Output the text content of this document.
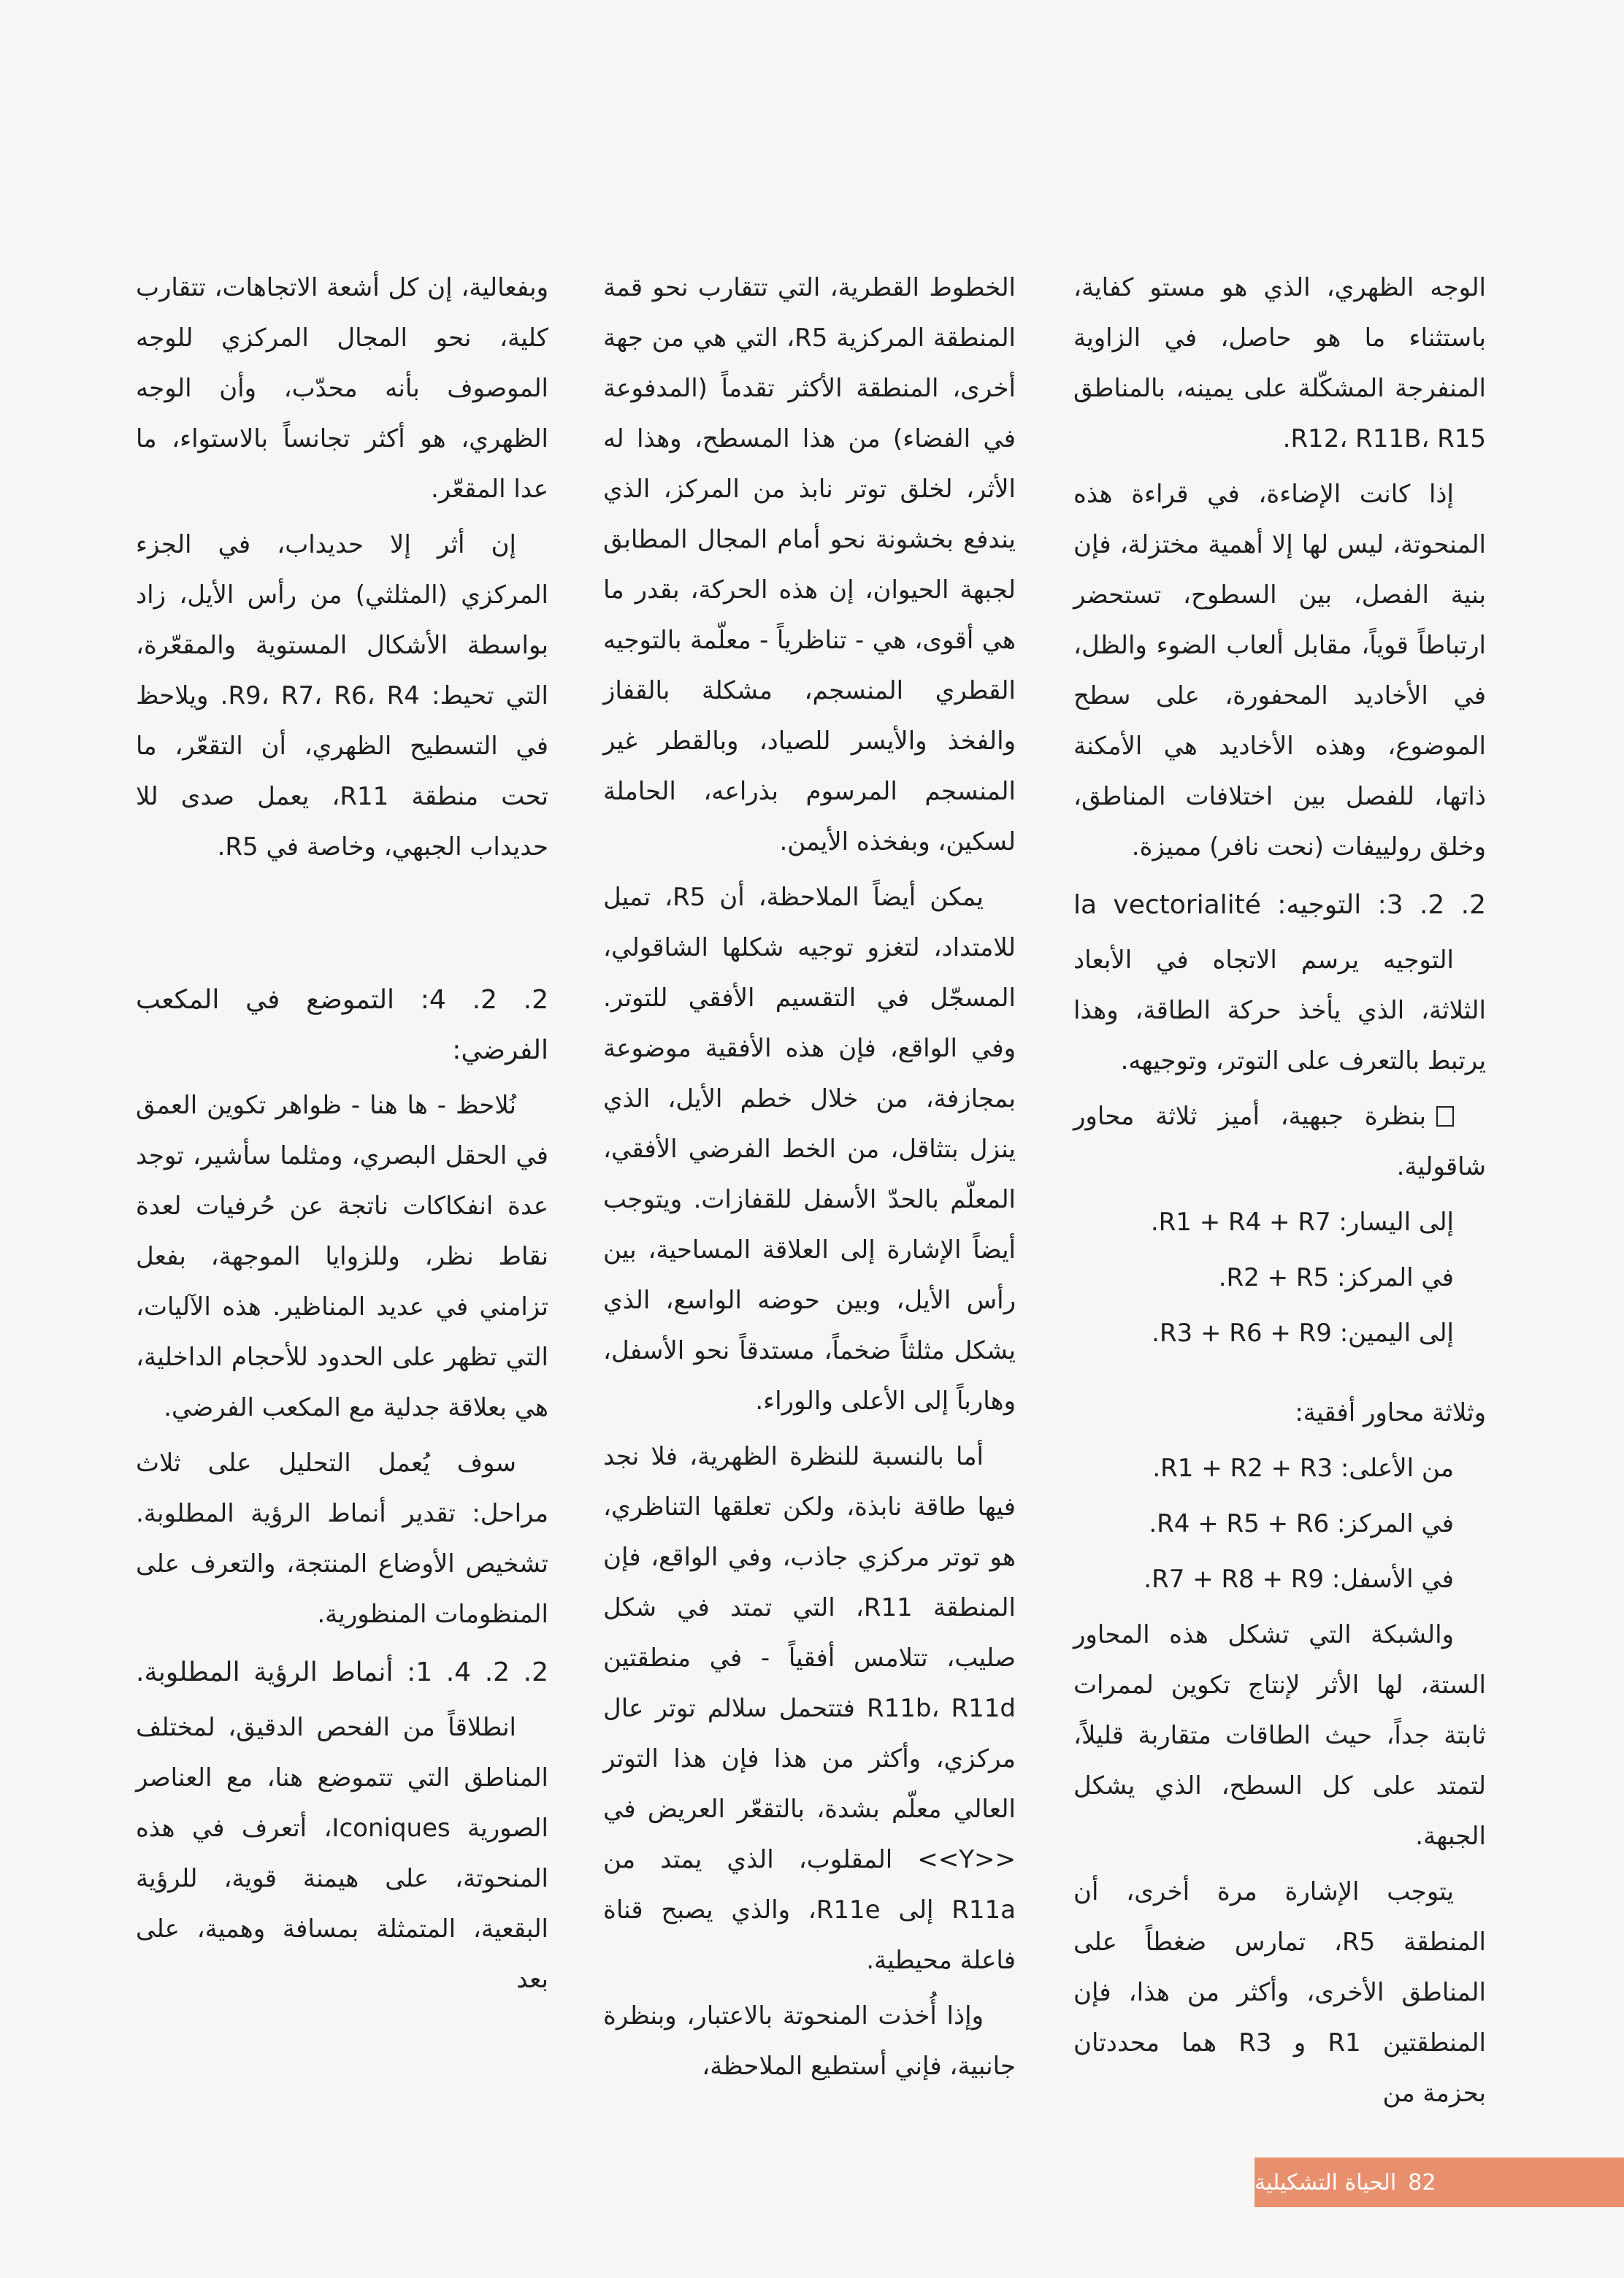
الوجه الظهري، الذي هو مستو كفاية، باستثناء ما هو حاصل، في الزاوية المنفرجة المشكّلة على يمينه، بالمناطق R12، R11B، R15.

إذا كانت الإضاءة، في قراءة هذه المنحوتة، ليس لها إلا أهمية مختزلة، فإن بنية الفصل، بين السطوح، تستحضر ارتباطاً قوياً، مقابل ألعاب الضوء والظل، في الأخاديد المحفورة، على سطح الموضوع، وهذه الأخاديد هي الأمكنة ذاتها، للفصل بين اختلافات المناطق، وخلق رولييفات (نحت نافر) مميزة.

2. 2. 3: التوجيه: la vectorialité

التوجيه يرسم الاتجاه في الأبعاد الثلاثة، الذي يأخذ حركة الطاقة، وهذا يرتبط بالتعرف على التوتر، وتوجيهه.

بنظرة جبهية، أميز ثلاثة محاور شاقولية.

إلى اليسار: R1 + R4 + R7.

في المركز: R2 + R5.

إلى اليمين: R3 + R6 + R9.

وثلاثة محاور أفقية:

من الأعلى: R1 + R2 + R3.

في المركز: R4 + R5 + R6.

في الأسفل: R7 + R8 + R9.

والشبكة التي تشكل هذه المحاور الستة، لها الأثر لإنتاج تكوين لممرات ثابتة جداً، حيث الطاقات متقاربة قليلاً، لتمتد على كل السطح، الذي يشكل الجبهة.

يتوجب الإشارة مرة أخرى، أن المنطقة R5، تمارس ضغطاً على المناطق الأخرى، وأكثر من هذا، فإن المنطقتين R1 و R3 هما محددتان بحزمة من

الخطوط القطرية، التي تتقارب نحو قمة المنطقة المركزية R5، التي هي من جهة أخرى، المنطقة الأكثر تقدماً (المدفوعة في الفضاء) من هذا المسطح، وهذا له الأثر، لخلق توتر نابذ من المركز، الذي يندفع بخشونة نحو أمام المجال المطابق لجبهة الحيوان، إن هذه الحركة، بقدر ما هي أقوى، هي - تناظرياً - معلّمة بالتوجيه القطري المنسجم، مشكلة بالقفاز والفخذ والأيسر للصياد، وبالقطر غير المنسجم المرسوم بذراعه، الحاملة لسكين، وبفخذه الأيمن.

يمكن أيضاً الملاحظة، أن R5، تميل للامتداد، لتغزو توجيه شكلها الشاقولي، المسجّل في التقسيم الأفقي للتوتر. وفي الواقع، فإن هذه الأفقية موضوعة بمجازفة، من خلال خطم الأيل، الذي ينزل بتثاقل، من الخط الفرضي الأفقي، المعلّم بالحدّ الأسفل للقفازات. ويتوجب أيضاً الإشارة إلى العلاقة المساحية، بين رأس الأيل، وبين حوضه الواسع، الذي يشكل مثلثاً ضخماً، مستدقاً نحو الأسفل، وهارباً إلى الأعلى والوراء.

أما بالنسبة للنظرة الظهرية، فلا نجد فيها طاقة نابذة، ولكن تعلقها التناظري، هو توتر مركزي جاذب، وفي الواقع، فإن المنطقة R11، التي تمتد في شكل صليب، تتلامس أفقياً - في منطقتين R11b، R11d فتتحمل سلالم توتر عال مركزي، وأكثر من هذا فإن هذا التوتر العالي معلّم بشدة، بالتقعّر العريض في <<Y>> المقلوب، الذي يمتد من R11a إلى R11e، والذي يصبح قناة فاعلة محيطية.

وإذا أُخذت المنحوتة بالاعتبار، وبنظرة جانبية، فإني أستطيع الملاحظة،

وبفعالية، إن كل أشعة الاتجاهات، تتقارب كلية، نحو المجال المركزي للوجه الموصوف بأنه محدّب، وأن الوجه الظهري، هو أكثر تجانساً بالاستواء، ما عدا المقعّر.

إن أثر إلا حديداب، في الجزء المركزي (المثلثي) من رأس الأيل، زاد بواسطة الأشكال المستوية والمقعّرة، التي تحيط: R9، R7، R6، R4. ويلاحظ في التسطيح الظهري، أن التقعّر، ما تحت منطقة R11، يعمل صدى للا حديداب الجبهي، وخاصة في R5.

2. 2. 4: التموضع في المكعب الفرضي:

نُلاحظ - ها هنا - ظواهر تكوين العمق في الحقل البصري، ومثلما سأشير، توجد عدة انفكاكات ناتجة عن حُرفيات لعدة نقاط نظر، وللزوايا الموجهة، بفعل تزامني في عديد المناظير. هذه الآليات، التي تظهر على الحدود للأحجام الداخلية، هي بعلاقة جدلية مع المكعب الفرضي.

سوف يُعمل التحليل على ثلاث مراحل: تقدير أنماط الرؤية المطلوبة. تشخيص الأوضاع المنتجة، والتعرف على المنظومات المنظورية.

2. 2. 4. 1: أنماط الرؤية المطلوبة.

انطلاقاً من الفحص الدقيق، لمختلف المناطق التي تتموضع هنا، مع العناصر الصورية Iconiques، أتعرف في هذه المنحوتة، على هيمنة قوية، للرؤية البقعية، المتمثلة بمسافة وهمية، على بعد

82
الحياة التشكيلية
